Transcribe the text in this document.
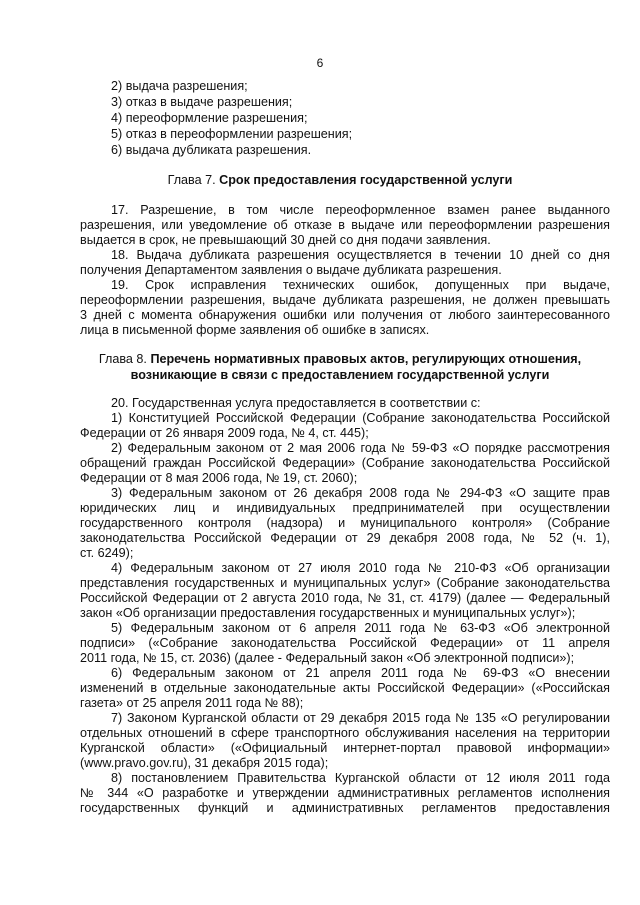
6
2) выдача разрешения;
3) отказ в выдаче разрешения;
4) переоформление разрешения;
5) отказ в переоформлении разрешения;
6) выдача дубликата разрешения.
Глава 7. Срок предоставления государственной услуги
17. Разрешение, в том числе переоформленное взамен ранее выданного
разрешения, или уведомление об отказе в выдаче или переоформлении разрешения
выдается в срок, не превышающий 30 дней со дня подачи заявления.
18. Выдача дубликата разрешения осуществляется в течении 10 дней со дня
получения Департаментом заявления о выдаче дубликата разрешения.
19. Срок исправления технических ошибок, допущенных при выдаче,
переоформлении разрешения, выдаче дубликата разрешения, не должен превышать
3 дней с момента обнаружения ошибки или получения от любого заинтересованного
лица в письменной форме заявления об ошибке в записях.
Глава 8. Перечень нормативных правовых актов, регулирующих отношения,
возникающие в связи с предоставлением государственной услуги
20. Государственная услуга предоставляется в соответствии с:
1) Конституцией Российской Федерации (Собрание законодательства Российской
Федерации от 26 января 2009 года, № 4, ст. 445);
2) Федеральным законом от 2 мая 2006 года № 59-ФЗ «О порядке рассмотрения
обращений граждан Российской Федерации» (Собрание законодательства Российской
Федерации от 8 мая 2006 года, № 19, ст. 2060);
3) Федеральным законом от 26 декабря 2008 года № 294-ФЗ «О защите прав
юридических лиц и индивидуальных предпринимателей при осуществлении
государственного контроля (надзора) и муниципального контроля» (Собрание
законодательства Российской Федерации от 29 декабря 2008 года, № 52 (ч. 1),
ст. 6249);
4) Федеральным законом от 27 июля 2010 года № 210-ФЗ «Об организации
представления государственных и муниципальных услуг» (Собрание законодательства
Российской Федерации от 2 августа 2010 года, № 31, ст. 4179) (далее — Федеральный
закон «Об организации предоставления государственных и муниципальных услуг»);
5) Федеральным законом от 6 апреля 2011 года № 63-ФЗ «Об электронной
подписи» («Собрание законодательства Российской Федерации» от 11 апреля
2011 года, № 15, ст. 2036) (далее - Федеральный закон «Об электронной подписи»);
6) Федеральным законом от 21 апреля 2011 года № 69-ФЗ «О внесении
изменений в отдельные законодательные акты Российской Федерации» («Российская
газета» от 25 апреля 2011 года № 88);
7) Законом Курганской области от 29 декабря 2015 года № 135 «О регулировании
отдельных отношений в сфере транспортного обслуживания населения на территории
Курганской области» («Официальный интернет-портал правовой информации»
(www.pravo.gov.ru), 31 декабря 2015 года);
8) постановлением Правительства Курганской области от 12 июля 2011 года
№ 344 «О разработке и утверждении административных регламентов исполнения
государственных функций и административных регламентов предоставления
